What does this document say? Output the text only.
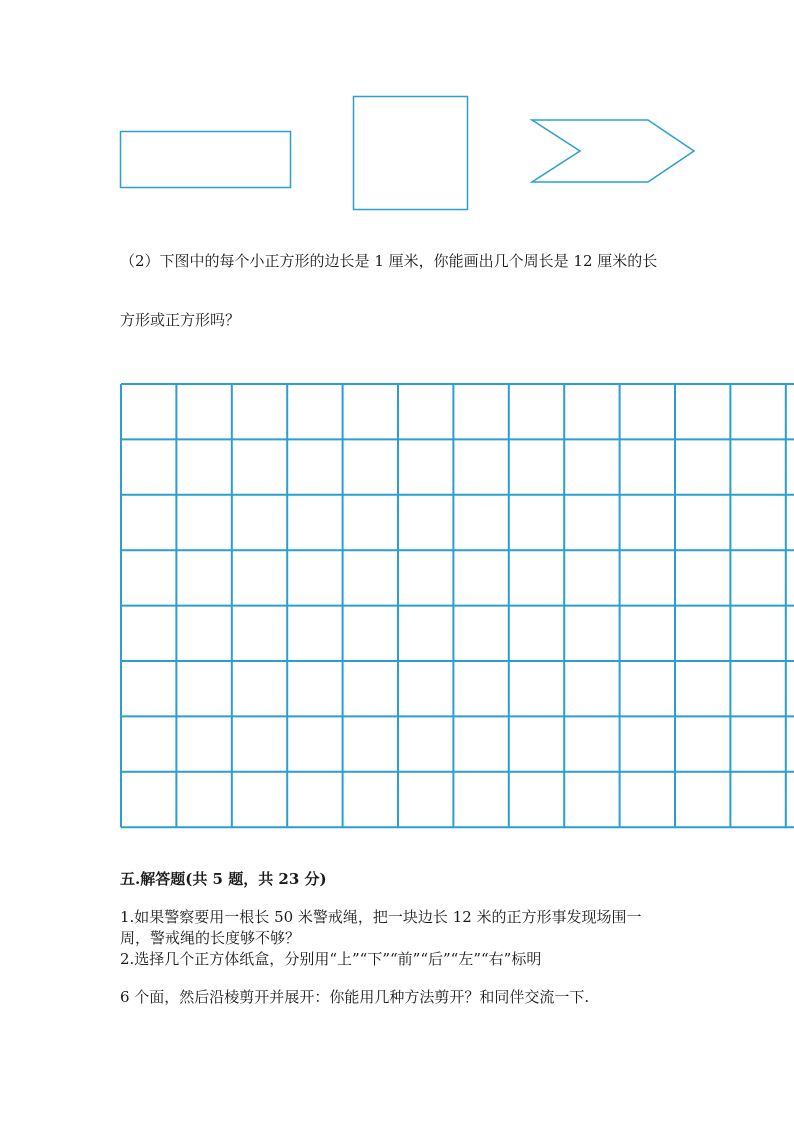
（2）下图中的每个小正方形的边长是 1 厘米，你能画出几个周长是 12 厘米的长
方形或正方形吗？
五.解答题(共 5 题，共 23 分)
1.如果警察要用一根长 50 米警戒绳，把一块边长 12 米的正方形事发现场围一
周，警戒绳的长度够不够？
2.选择几个正方体纸盒，分别用“上”“下”“前”“后”“左”“右”标明
6 个面，然后沿棱剪开并展开：你能用几种方法剪开？和同伴交流一下.
